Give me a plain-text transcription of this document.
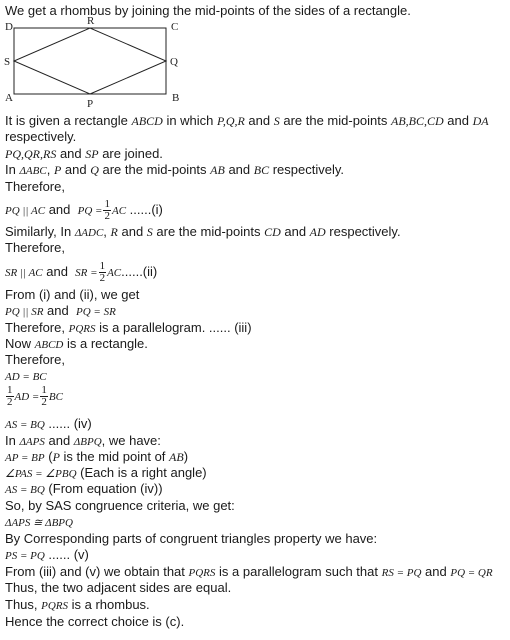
We get a rhombus by joining the mid-points of the sides of a rectangle.
D	R	C
S	Q
A	P	B
It is given a rectangle ABCD in which P,Q,R and S are the mid-points AB,BC,CD and DA
respectively.
PQ,QR,RS and SP are joined.
In ΔABC, P and Q are the mid-points AB and BC respectively.
Therefore,
PQ || AC and  PQ = $\frac{1}{2}$ AC ......(i)
Similarly, In ΔADC, R and S are the mid-points CD and AD respectively.
Therefore,
SR || AC and  SR = $\frac{1}{2} AC......(ii)$
From (i) and (ii), we get
PQ || SR and  PQ = SR
Therefore, PQRS is a parallelogram. ...... (iii)
Now ABCD is a rectangle.
Therefore,
AD = BC
$\frac{1}{2}$ AD = $\frac{1}{2}$ BC
AS = BQ ...... (iv)
In ΔAPS and ΔBPQ, we have:
AP = BP (P is the mid point of AB)
∠PAS = ∠PBQ (Each is a right angle)
AS = BQ (From equation (iv))
So, by SAS congruence criteria, we get:
ΔAPS ≅ ΔBPQ
By Corresponding parts of congruent triangles property we have:
PS = PQ ...... (v)
From (iii) and (v) we obtain that PQRS is a parallelogram such that RS = PQ and PQ = QR
Thus, the two adjacent sides are equal.
Thus, PQRS is a rhombus.
Hence the correct choice is (c).
